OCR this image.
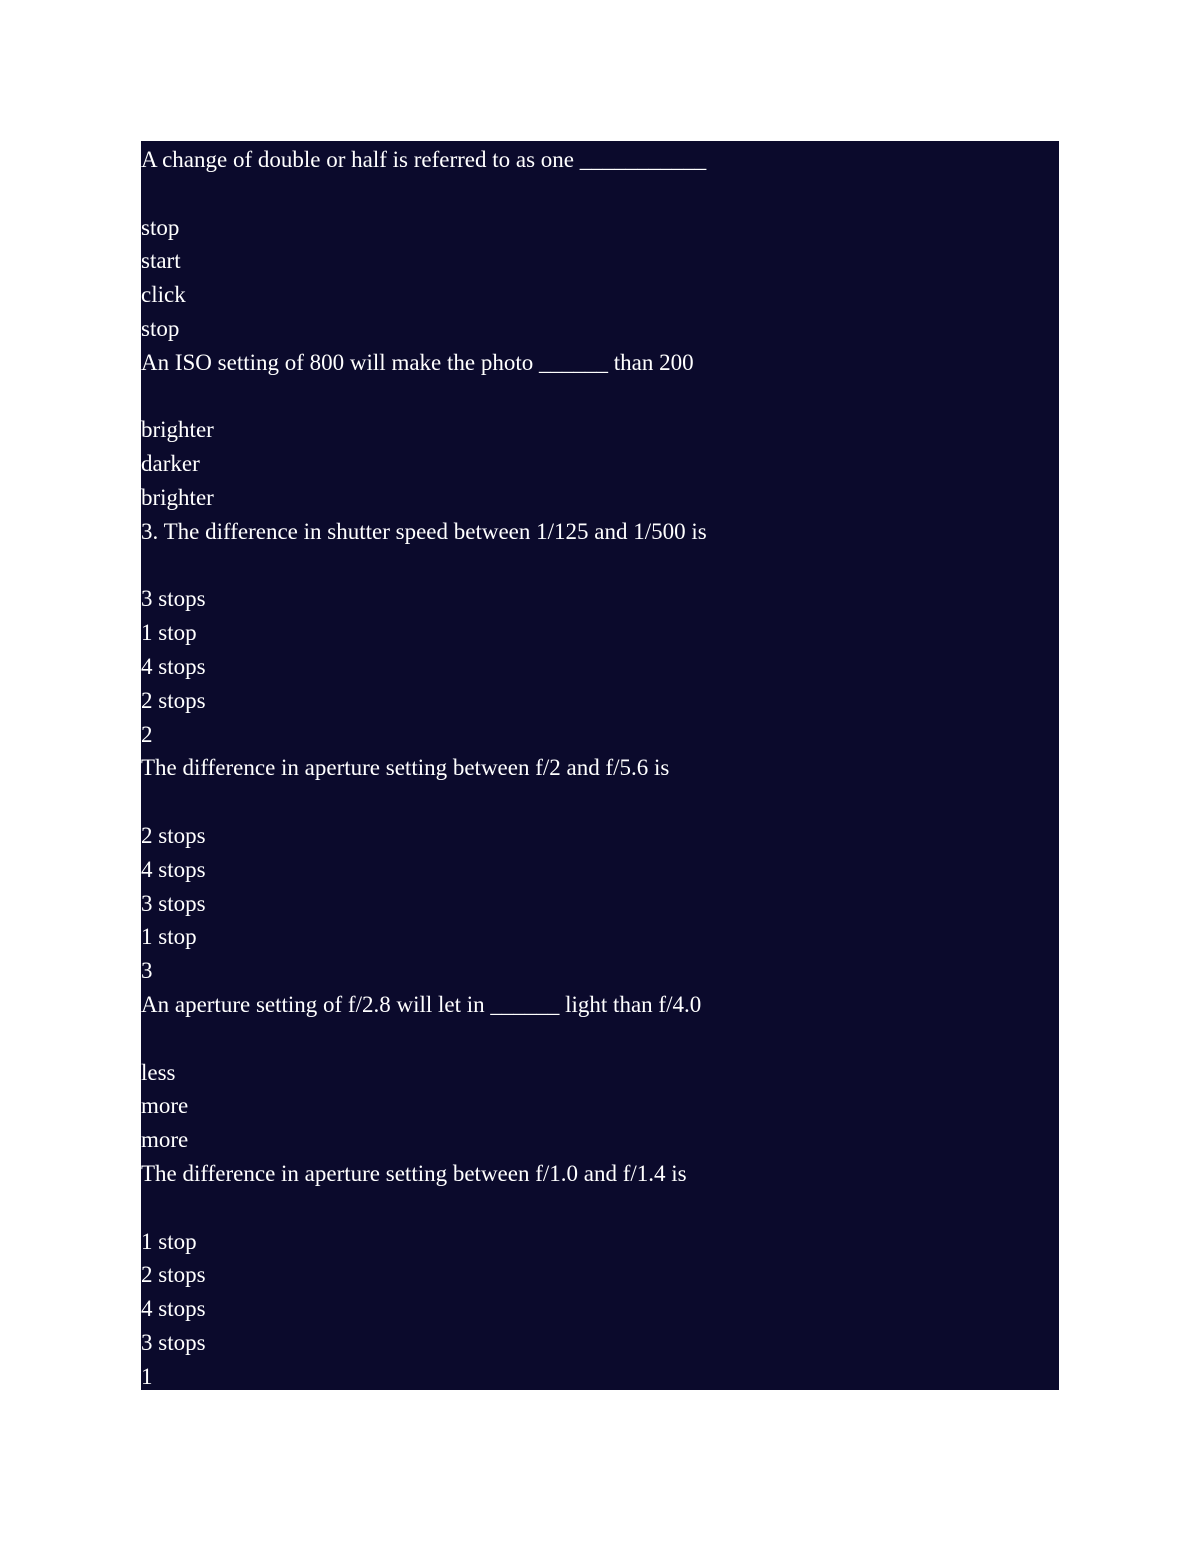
A change of double or half is referred to as one ___________
stop
start
click
stop
An ISO setting of 800 will make the photo ______ than 200
brighter
darker
brighter
3. The difference in shutter speed between 1/125 and 1/500 is
3 stops
1 stop
4 stops
2 stops
2
The difference in aperture setting between f/2 and f/5.6 is
2 stops
4 stops
3 stops
1 stop
3
An aperture setting of f/2.8 will let in ______ light than f/4.0
less
more
more
The difference in aperture setting between f/1.0 and f/1.4 is
1 stop
2 stops
4 stops
3 stops
1
